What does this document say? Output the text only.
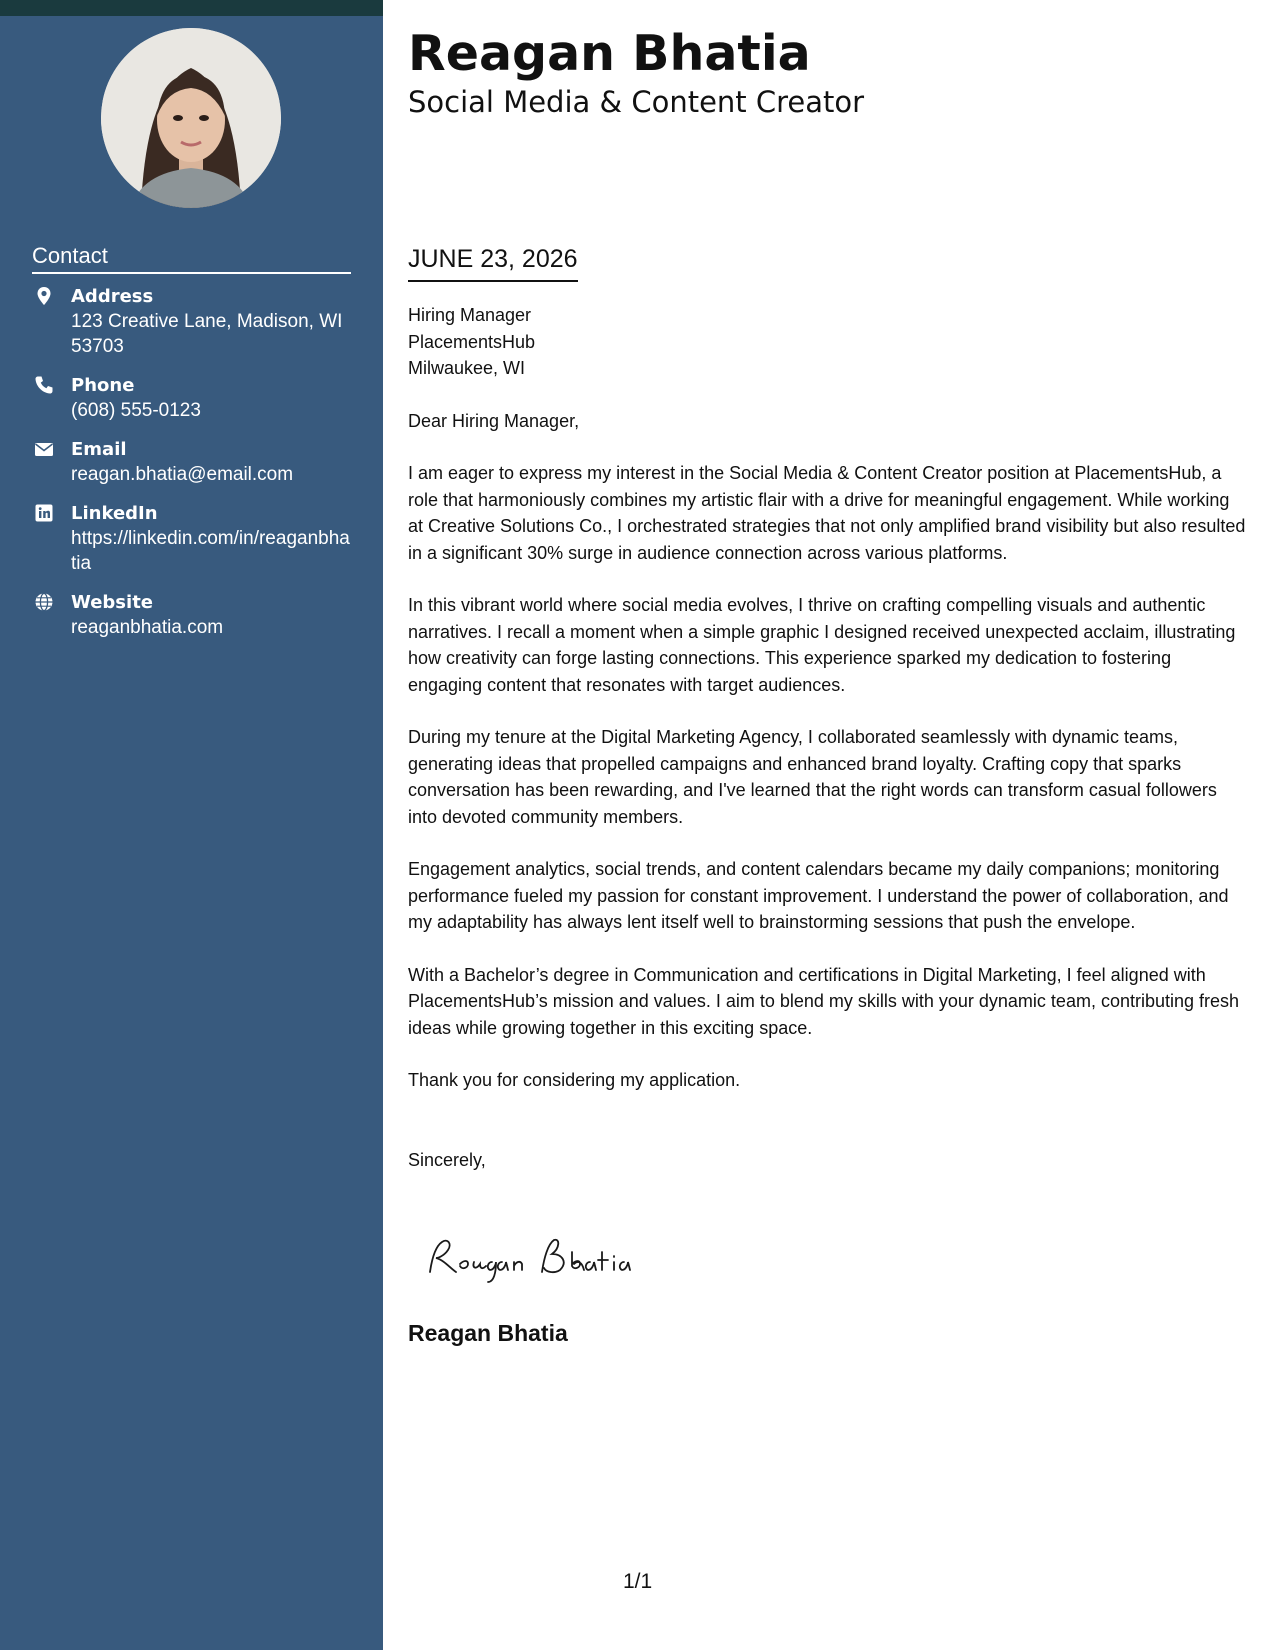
Contact
Address
123 Creative Lane, Madison, WI 53703
Phone
(608) 555-0123
Email
reagan.bhatia@email.com
LinkedIn
https://linkedin.com/in/reaganbhatia
Website
reaganbhatia.com
Reagan Bhatia
Social Media & Content Creator
JUNE 23, 2026
Hiring Manager
PlacementsHub
Milwaukee, WI
Dear Hiring Manager,
I am eager to express my interest in the Social Media & Content Creator position at PlacementsHub, a role that harmoniously combines my artistic flair with a drive for meaningful engagement. While working at Creative Solutions Co., I orchestrated strategies that not only amplified brand visibility but also resulted in a significant 30% surge in audience connection across various platforms.
In this vibrant world where social media evolves, I thrive on crafting compelling visuals and authentic narratives. I recall a moment when a simple graphic I designed received unexpected acclaim, illustrating how creativity can forge lasting connections. This experience sparked my dedication to fostering engaging content that resonates with target audiences.
During my tenure at the Digital Marketing Agency, I collaborated seamlessly with dynamic teams, generating ideas that propelled campaigns and enhanced brand loyalty. Crafting copy that sparks conversation has been rewarding, and I've learned that the right words can transform casual followers into devoted community members.
Engagement analytics, social trends, and content calendars became my daily companions; monitoring performance fueled my passion for constant improvement. I understand the power of collaboration, and my adaptability has always lent itself well to brainstorming sessions that push the envelope.
With a Bachelor’s degree in Communication and certifications in Digital Marketing, I feel aligned with PlacementsHub’s mission and values. I aim to blend my skills with your dynamic team, contributing fresh ideas while growing together in this exciting space.
Thank you for considering my application.
Sincerely,
Reagan Bhatia
1/1
